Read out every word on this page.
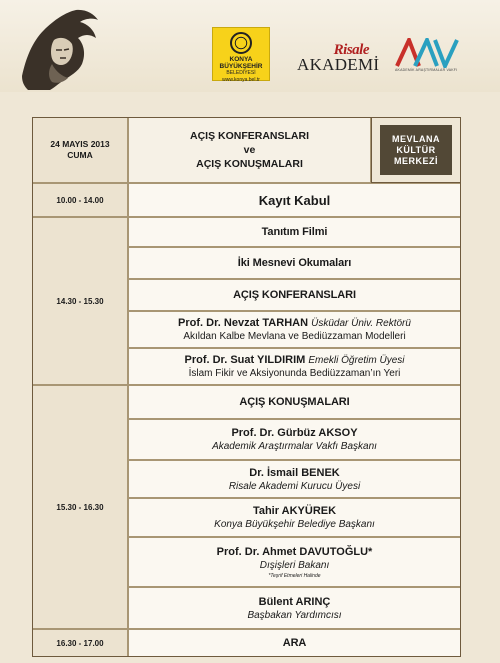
KONYA
BÜYÜKŞEHİR
BELEDİYESİ
www.konya.bel.tr
Risale
AKADEMİ	AKADEMİK ARAŞTIRMALAR VAKFI
24 MAYIS 2013
CUMA
AÇIŞ KONFERANSLARI
ve
AÇIŞ KONUŞMALARI
MEVLANA
KÜLTÜR
MERKEZİ
10.00 - 14.00	Kayıt Kabul
14.30 - 15.30
Tanıtım Filmi
İki Mesnevi Okumaları
AÇIŞ KONFERANSLARI
Prof. Dr. Nevzat TARHAN Üsküdar Üniv. Rektörü
Akıldan Kalbe Mevlana ve Bediüzzaman Modelleri
Prof. Dr. Suat YILDIRIM Emekli Öğretim Üyesi
İslam Fikir ve Aksiyonunda Bediüzzaman’ın Yeri
15.30 - 16.30
AÇIŞ KONUŞMALARI
Prof. Dr. Gürbüz AKSOY
Akademik Araştırmalar Vakfı Başkanı
Dr. İsmail BENEK
Risale Akademi Kurucu Üyesi
Tahir AKYÜREK
Konya Büyükşehir Belediye Başkanı
Prof. Dr. Ahmet DAVUTOĞLU*
Dışişleri Bakanı
*Teşrif Etmeleri Halinde
Bülent ARINÇ
Başbakan Yardımcısı
16.30 - 17.00	ARA
